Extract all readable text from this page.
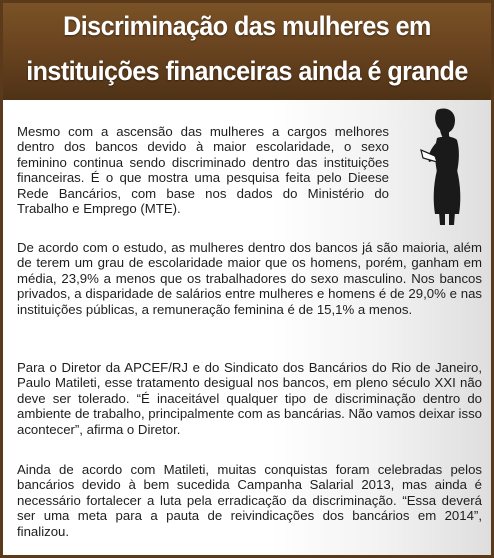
Discriminação das mulheres em
instituições financeiras ainda é grande

Mesmo com a ascensão das mulheres a cargos melhores dentro dos bancos devido à maior escolaridade, o sexo feminino continua sendo discriminado dentro das instituições financeiras. É o que mostra uma pesquisa feita pelo Dieese Rede Bancários, com base nos dados do Ministério do Trabalho e Emprego (MTE).

De acordo com o estudo, as mulheres dentro dos bancos já são maioria, além de terem um grau de escolaridade maior que os homens, porém, ganham em média, 23,9% a menos que os trabalhadores do sexo masculino. Nos bancos privados, a disparidade de salários entre mulheres e homens é de 29,0% e nas instituições públicas, a remuneração feminina é de 15,1% a menos.

Para o Diretor da APCEF/RJ e do Sindicato dos Bancários do Rio de Janeiro, Paulo Matileti, esse tratamento desigual nos bancos, em pleno século XXI não deve ser tolerado. “É inaceitável qualquer tipo de discriminação dentro do ambiente de trabalho, principalmente com as bancárias. Não vamos deixar isso acontecer”, afirma o Diretor.

Ainda de acordo com Matileti, muitas conquistas foram celebradas pelos bancários devido à bem sucedida Campanha Salarial 2013, mas ainda é necessário fortalecer a luta pela erradicação da discriminação. “Essa deverá ser uma meta para a pauta de reivindicações dos bancários em 2014”, finalizou.
